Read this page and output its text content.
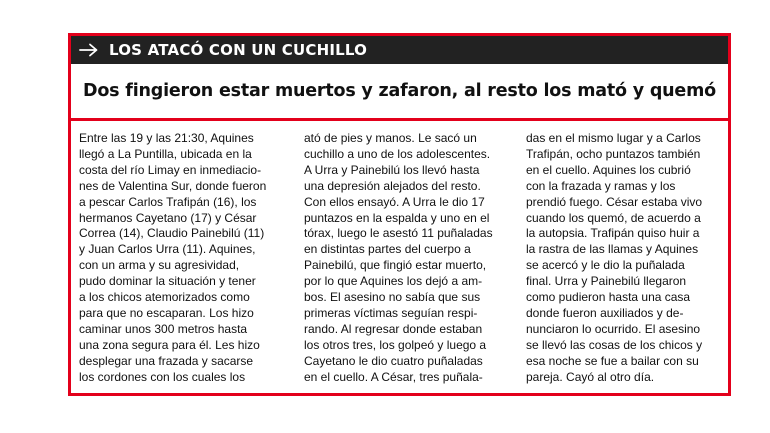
LOS ATACÓ CON UN CUCHILLO
Dos fingieron estar muertos y zafaron, al resto los mató y quemó
Entre las 19 y las 21:30, Aquines
llegó a La Puntilla, ubicada en la
costa del río Limay en inmediacio-
nes de Valentina Sur, donde fueron
a pescar Carlos Trafipán (16), los
hermanos Cayetano (17) y César
Correa (14), Claudio Painebilú (11)
y Juan Carlos Urra (11). Aquines,
con un arma y su agresividad,
pudo dominar la situación y tener
a los chicos atemorizados como
para que no escaparan. Los hizo
caminar unos 300 metros hasta
una zona segura para él. Les hizo
desplegar una frazada y sacarse
los cordones con los cuales los
ató de pies y manos. Le sacó un
cuchillo a uno de los adolescentes.
A Urra y Painebilú los llevó hasta
una depresión alejados del resto.
Con ellos ensayó. A Urra le dio 17
puntazos en la espalda y uno en el
tórax, luego le asestó 11 puñaladas
en distintas partes del cuerpo a
Painebilú, que fingió estar muerto,
por lo que Aquines los dejó a am-
bos. El asesino no sabía que sus
primeras víctimas seguían respi-
rando. Al regresar donde estaban
los otros tres, los golpeó y luego a
Cayetano le dio cuatro puñaladas
en el cuello. A César, tres puñala-
das en el mismo lugar y a Carlos
Trafipán, ocho puntazos también
en el cuello. Aquines los cubrió
con la frazada y ramas y los
prendió fuego. César estaba vivo
cuando los quemó, de acuerdo a
la autopsia. Trafipán quiso huir a
la rastra de las llamas y Aquines
se acercó y le dio la puñalada
final. Urra y Painebilú llegaron
como pudieron hasta una casa
donde fueron auxiliados y de-
nunciaron lo ocurrido. El asesino
se llevó las cosas de los chicos y
esa noche se fue a bailar con su
pareja. Cayó al otro día.
